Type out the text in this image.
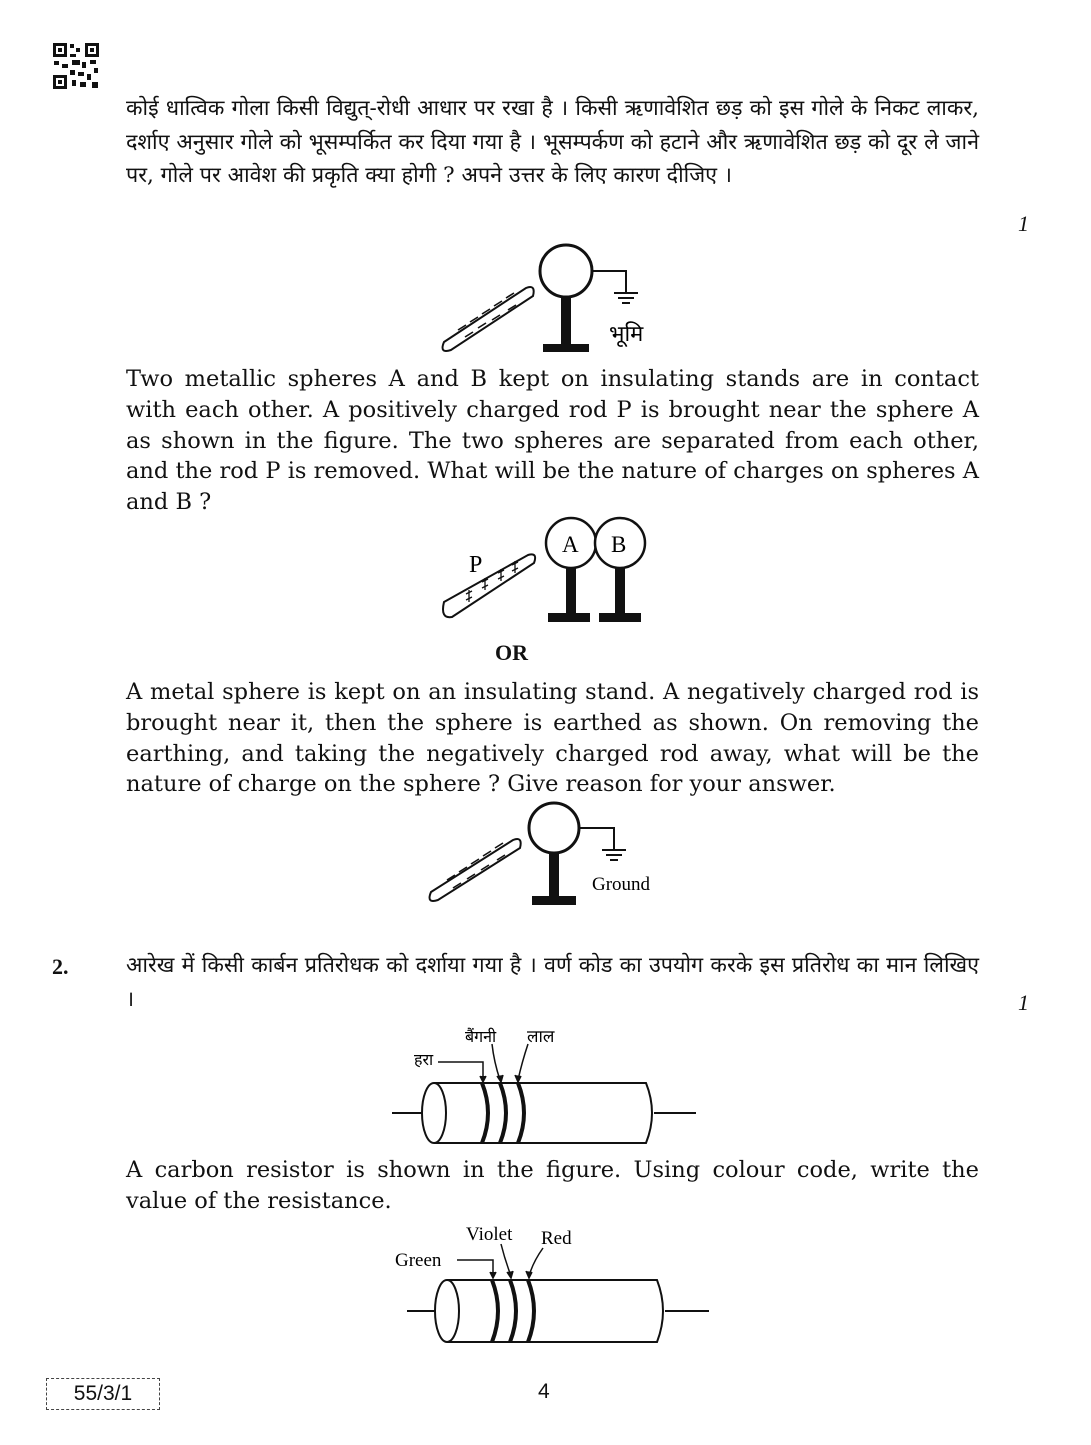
कोई धात्विक गोला किसी विद्युत्-रोधी आधार पर रखा है । किसी ऋणावेशित छड़ को इस गोले के निकट लाकर, दर्शाए अनुसार गोले को भूसम्पर्कित कर दिया गया है । भूसम्पर्कण को हटाने और ऋणावेशित छड़ को दूर ले जाने पर, गोले पर आवेश की प्रकृति क्या होगी ? अपने उत्तर के लिए कारण दीजिए ।
1
भूमि
Two metallic spheres A and B kept on insulating stands are in contact with each other. A positively charged rod P is brought near the sphere A as shown in the figure. The two spheres are separated from each other, and the rod P is removed. What will be the nature of charges on spheres A and B ?
P
A B
OR
A metal sphere is kept on an insulating stand. A negatively charged rod is brought near it, then the sphere is earthed as shown. On removing the earthing, and taking the negatively charged rod away, what will be the nature of charge on the sphere ? Give reason for your answer.
Ground
2.	आरेख में किसी कार्बन प्रतिरोधक को दर्शाया गया है । वर्ण कोड का उपयोग करके इस प्रतिरोध का मान लिखिए ।	1
हरा
बैंगनी लाल
A carbon resistor is shown in the figure. Using colour code, write the value of the resistance.
Green
Violet Red
55/3/1	4
